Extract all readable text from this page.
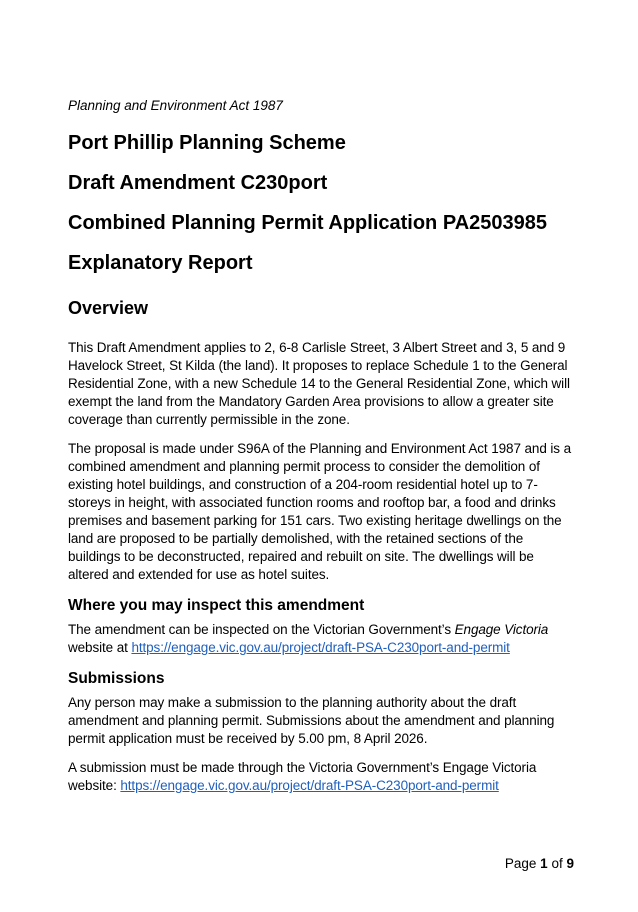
Planning and Environment Act 1987

Port Phillip Planning Scheme
Draft Amendment C230port
Combined Planning Permit Application PA2503985
Explanatory Report
Overview

This Draft Amendment applies to 2, 6-8 Carlisle Street, 3 Albert Street and 3, 5 and 9 Havelock Street, St Kilda (the land). It proposes to replace Schedule 1 to the General Residential Zone, with a new Schedule 14 to the General Residential Zone, which will exempt the land from the Mandatory Garden Area provisions to allow a greater site coverage than currently permissible in the zone.

The proposal is made under S96A of the Planning and Environment Act 1987 and is a combined amendment and planning permit process to consider the demolition of existing hotel buildings, and construction of a 204-room residential hotel up to 7-storeys in height, with associated function rooms and rooftop bar, a food and drinks premises and basement parking for 151 cars. Two existing heritage dwellings on the land are proposed to be partially demolished, with the retained sections of the buildings to be deconstructed, repaired and rebuilt on site. The dwellings will be altered and extended for use as hotel suites.

Where you may inspect this amendment

The amendment can be inspected on the Victorian Government’s Engage Victoria website at https://engage.vic.gov.au/project/draft-PSA-C230port-and-permit

Submissions

Any person may make a submission to the planning authority about the draft amendment and planning permit. Submissions about the amendment and planning permit application must be received by 5.00 pm, 8 April 2026.

A submission must be made through the Victoria Government’s Engage Victoria website: https://engage.vic.gov.au/project/draft-PSA-C230port-and-permit

Page 1 of 9
